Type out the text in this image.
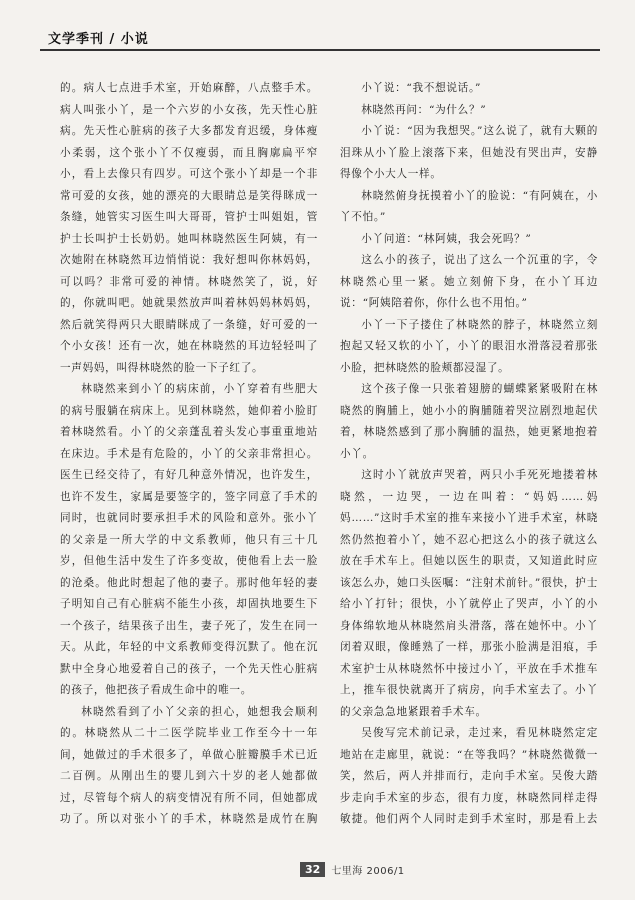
文学季刊 / 小说

的。病人七点进手术室，开始麻醉，八点整手术。病人叫张小丫，是一个六岁的小女孩，先天性心脏病。先天性心脏病的孩子大多都发育迟缓，身体瘦小柔弱，这个张小丫不仅瘦弱，而且胸廓扁平窄小，看上去像只有四岁。可这个张小丫却是一个非常可爱的女孩，她的漂亮的大眼睛总是笑得眯成一条缝，她管实习医生叫大哥哥，管护士叫姐姐，管护士长叫护士长奶奶。她叫林晓然医生阿姨，有一次她附在林晓然耳边悄悄说：我好想叫你林妈妈，可以吗？非常可爱的神情。林晓然笑了，说，好的，你就叫吧。她就果然放声叫着林妈妈林妈妈，然后就笑得两只大眼睛眯成了一条缝，好可爱的一个小女孩！还有一次，她在林晓然的耳边轻轻叫了一声妈妈，叫得林晓然的脸一下子红了。

林晓然来到小丫的病床前，小丫穿着有些肥大的病号服躺在病床上。见到林晓然，她仰着小脸盯着林晓然看。小丫的父亲蓬乱着头发心事重重地站在床边。手术是有危险的，小丫的父亲非常担心。医生已经交待了，有好几种意外情况，也许发生，也许不发生，家属是要签字的，签字同意了手术的同时，也就同时要承担手术的风险和意外。张小丫的父亲是一所大学的中文系教师，他只有三十几岁，但他生活中发生了许多变故，使他看上去一脸的沧桑。他此时想起了他的妻子。那时他年轻的妻子明知自己有心脏病不能生小孩，却固执地要生下一个孩子，结果孩子出生，妻子死了，发生在同一天。从此，年轻的中文系教师变得沉默了。他在沉默中全身心地爱着自己的孩子，一个先天性心脏病的孩子，他把孩子看成生命中的唯一。

林晓然看到了小丫父亲的担心，她想我会顺利的。林晓然从二十二医学院毕业工作至今十一年间，她做过的手术很多了，单做心脏瓣膜手术已近二百例。从刚出生的婴儿到六十岁的老人她都做过，尽管每个病人的病变情况有所不同，但她都成功了。所以对张小丫的手术，林晓然是成竹在胸

小丫说：“我不想说话。”

林晓然再问：“为什么？”

小丫说：“因为我想哭。”这么说了，就有大颗的泪珠从小丫脸上滚落下来，但她没有哭出声，安静得像个小大人一样。

林晓然俯身抚摸着小丫的脸说：“有阿姨在，小丫不怕。”

小丫问道：“林阿姨，我会死吗？”

这么小的孩子，说出了这么一个沉重的字，令林晓然心里一紧。她立刻俯下身，在小丫耳边说：“阿姨陪着你，你什么也不用怕。”

小丫一下子搂住了林晓然的脖子，林晓然立刻抱起又轻又软的小丫，小丫的眼泪水滑落浸着那张小脸，把林晓然的脸颊都浸湿了。

这个孩子像一只张着翅膀的蝴蝶紧紧吸附在林晓然的胸脯上，她小小的胸脯随着哭泣剧烈地起伏着，林晓然感到了那小胸脯的温热，她更紧地抱着小丫。

这时小丫就放声哭着，两只小手死死地搂着林晓然，一边哭，一边在叫着：“妈妈……妈妈……”这时手术室的推车来接小丫进手术室，林晓然仍然抱着小丫，她不忍心把这么小的孩子就这么放在手术车上。但她以医生的职责，又知道此时应该怎么办，她口头医嘱：“注射术前针。”很快，护士给小丫打针；很快，小丫就停止了哭声，小丫的小身体绵软地从林晓然肩头滑落，落在她怀中。小丫闭着双眼，像睡熟了一样，那张小脸满是泪痕，手术室护士从林晓然怀中接过小丫，平放在手术推车上，推车很快就离开了病房，向手术室去了。小丫的父亲急急地紧跟着手术车。

吴俊写完术前记录，走过来，看见林晓然定定地站在走廊里，就说：“在等我吗？”林晓然微微一笑，然后，两人并排而行，走向手术室。吴俊大踏步走向手术室的步态，很有力度，林晓然同样走得敏捷。他们两个人同时走到手术室时，那是看上去

32	七里海 2006/1
